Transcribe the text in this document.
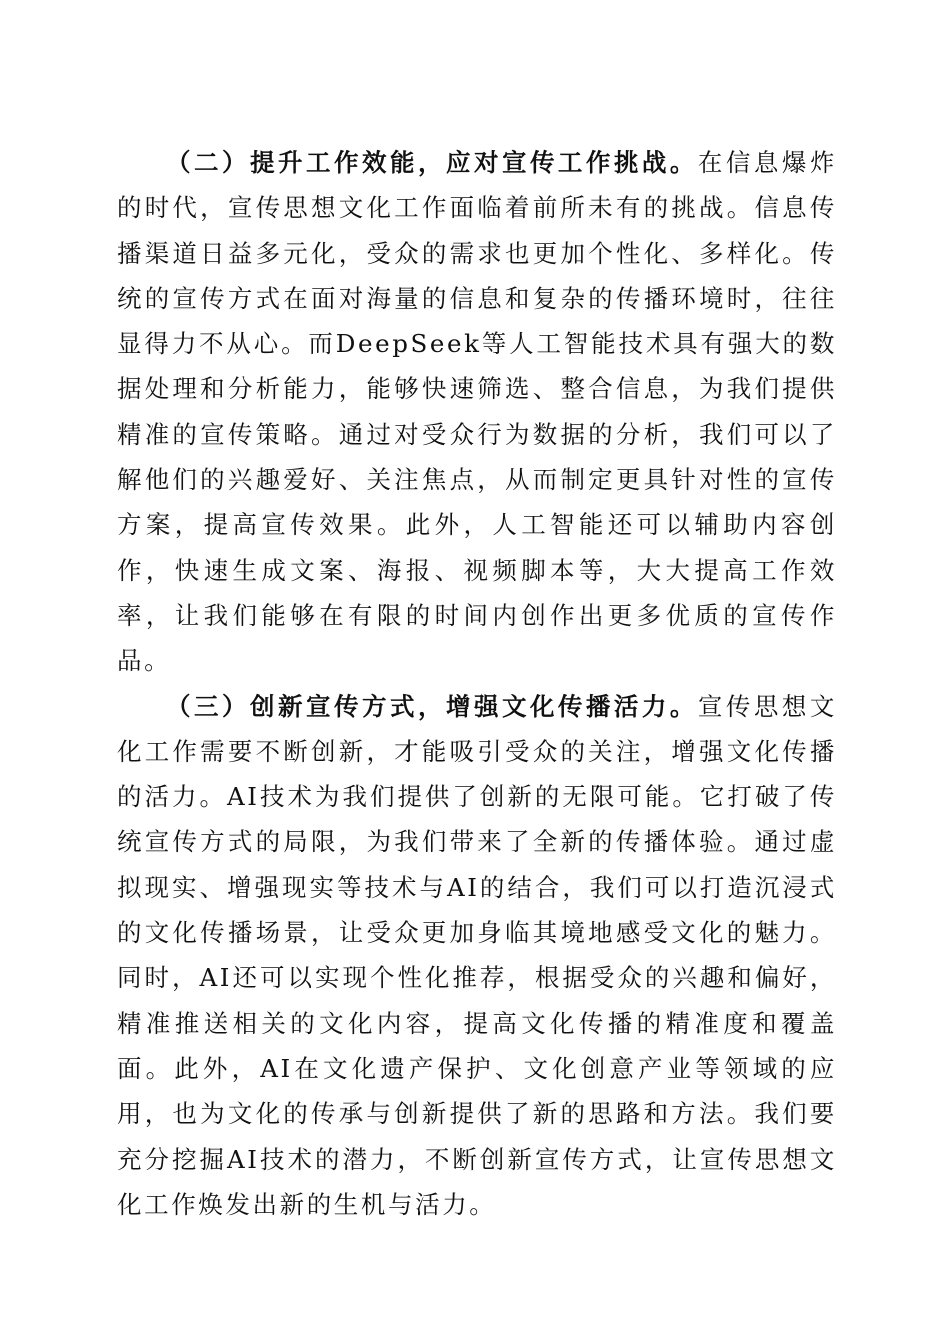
（二）提升工作效能，应对宣传工作挑战。在信息爆炸的时代，宣传思想文化工作面临着前所未有的挑战。信息传播渠道日益多元化，受众的需求也更加个性化、多样化。传统的宣传方式在面对海量的信息和复杂的传播环境时，往往显得力不从心。而DeepSeek等人工智能技术具有强大的数据处理和分析能力，能够快速筛选、整合信息，为我们提供精准的宣传策略。通过对受众行为数据的分析，我们可以了解他们的兴趣爱好、关注焦点，从而制定更具针对性的宣传方案，提高宣传效果。此外，人工智能还可以辅助内容创作，快速生成文案、海报、视频脚本等，大大提高工作效率，让我们能够在有限的时间内创作出更多优质的宣传作品。

（三）创新宣传方式，增强文化传播活力。宣传思想文化工作需要不断创新，才能吸引受众的关注，增强文化传播的活力。AI技术为我们提供了创新的无限可能。它打破了传统宣传方式的局限，为我们带来了全新的传播体验。通过虚拟现实、增强现实等技术与AI的结合，我们可以打造沉浸式的文化传播场景，让受众更加身临其境地感受文化的魅力。同时，AI还可以实现个性化推荐，根据受众的兴趣和偏好，精准推送相关的文化内容，提高文化传播的精准度和覆盖面。此外，AI在文化遗产保护、文化创意产业等领域的应用，也为文化的传承与创新提供了新的思路和方法。我们要充分挖掘AI技术的潜力，不断创新宣传方式，让宣传思想文化工作焕发出新的生机与活力。
